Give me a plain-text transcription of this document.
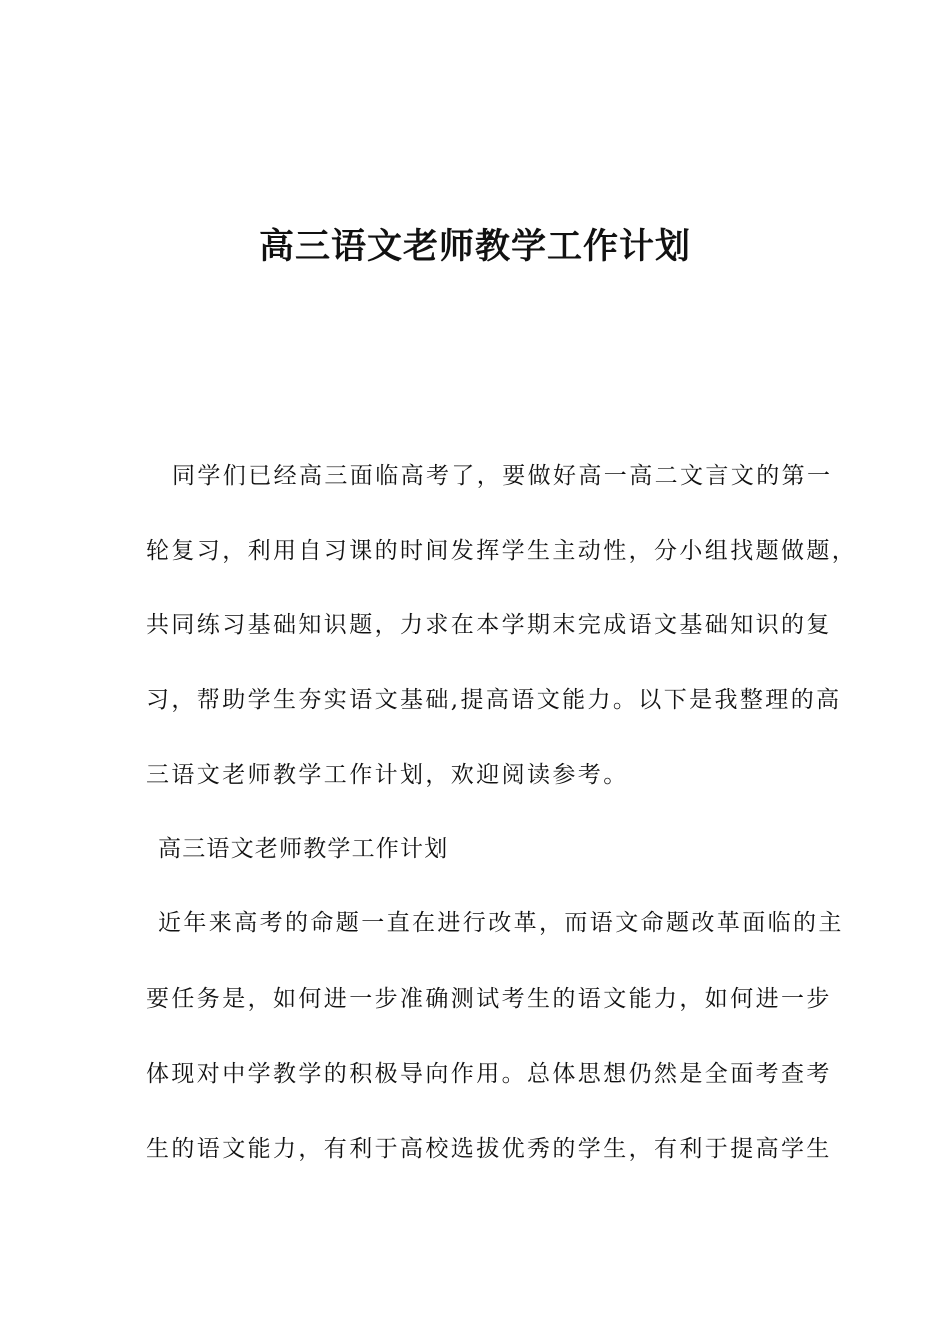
高三语文老师教学工作计划

同学们已经高三面临高考了，要做好高一高二文言文的第一

轮复习，利用自习课的时间发挥学生主动性，分小组找题做题，

共同练习基础知识题，力求在本学期末完成语文基础知识的复

习，帮助学生夯实语文基础,提高语文能力。以下是我整理的高

三语文老师教学工作计划，欢迎阅读参考。

高三语文老师教学工作计划

近年来高考的命题一直在进行改革，而语文命题改革面临的主

要任务是，如何进一步准确测试考生的语文能力，如何进一步

体现对中学教学的积极导向作用。总体思想仍然是全面考查考

生的语文能力，有利于高校选拔优秀的学生，有利于提高学生
